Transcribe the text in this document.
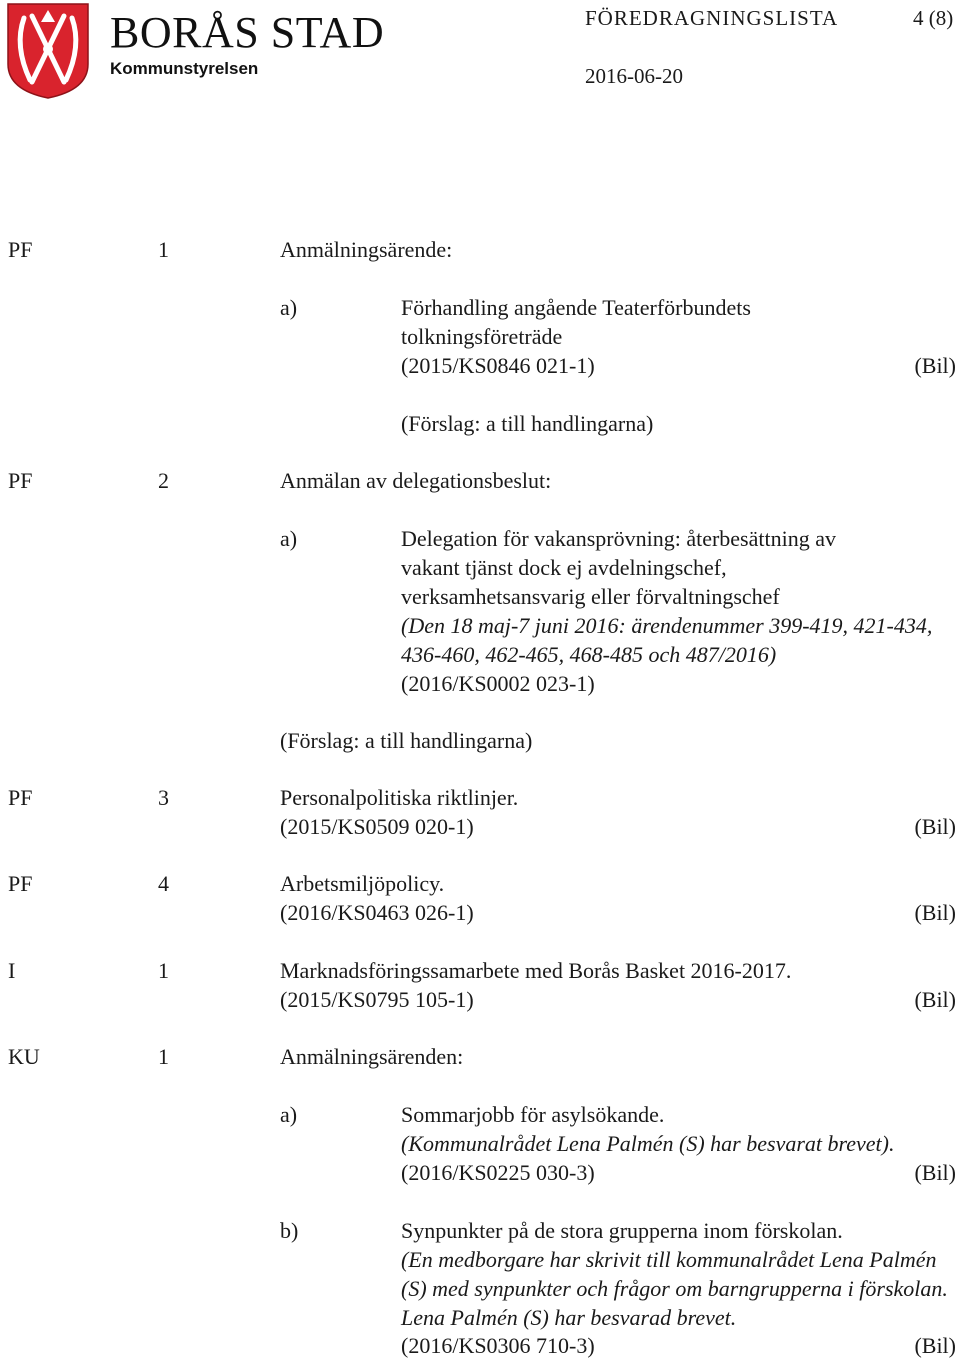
BORÅS STAD
Kommunstyrelsen
FÖREDRAGNINGSLISTA	4 (8)
2016-06-20
PF	1	Anmälningsärende:
a)	Förhandling angående Teaterförbundets
tolkningsföreträde
(2015/KS0846 021-1)	(Bil)
(Förslag: a till handlingarna)
PF	2	Anmälan av delegationsbeslut:
a)	Delegation för vakansprövning: återbesättning av
vakant tjänst dock ej avdelningschef,
verksamhetsansvarig eller förvaltningschef
(Den 18 maj-7 juni 2016: ärendenummer 399-419, 421-434,
436-460, 462-465, 468-485 och 487/2016)
(2016/KS0002 023-1)
(Förslag: a till handlingarna)
PF	3	Personalpolitiska riktlinjer.
(2015/KS0509 020-1)	(Bil)
PF	4	Arbetsmiljöpolicy.
(2016/KS0463 026-1)	(Bil)
I	1	Marknadsföringssamarbete med Borås Basket 2016-2017.
(2015/KS0795 105-1)	(Bil)
KU	1	Anmälningsärenden:
a)	Sommarjobb för asylsökande.
(Kommunalrådet Lena Palmén (S) har besvarat brevet).
(2016/KS0225 030-3)	(Bil)
b)	Synpunkter på de stora grupperna inom förskolan.
(En medborgare har skrivit till kommunalrådet Lena Palmén
(S) med synpunkter och frågor om barngrupperna i förskolan.
Lena Palmén (S) har besvarad brevet.
(2016/KS0306 710-3)	(Bil)
